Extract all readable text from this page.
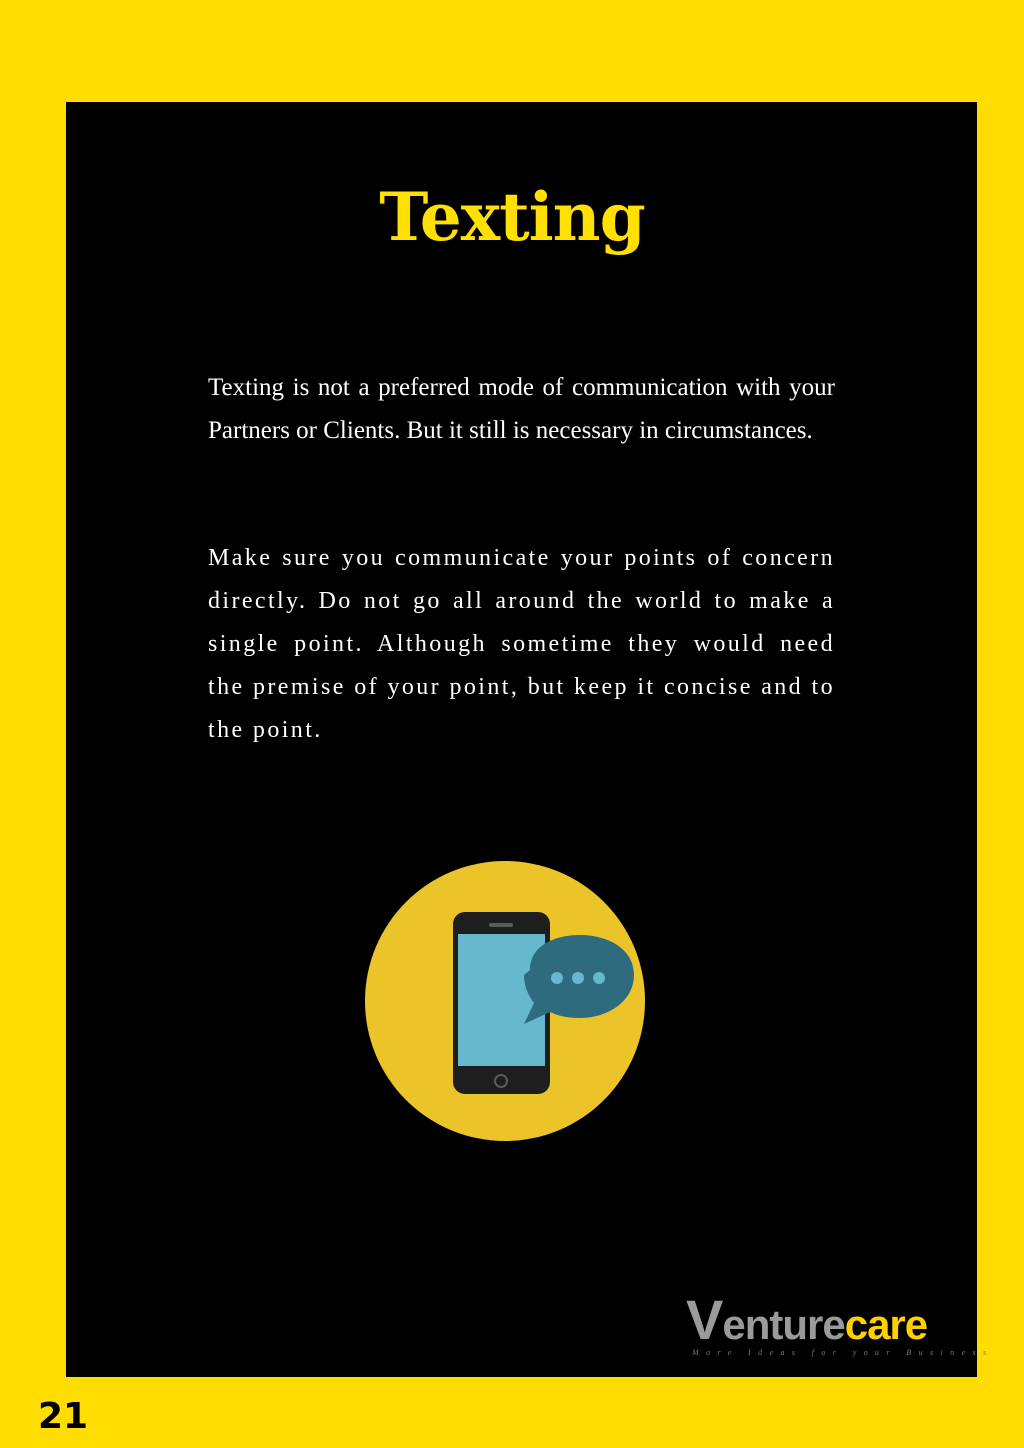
Texting

Texting is not a preferred mode of communication with your Partners or Clients. But it still is necessary in circumstances.

Make sure you communicate your points of concern directly. Do not go all around the world to make a single point. Although sometime they would need the premise of your point, but keep it concise and to the point.

Venturecare
More Ideas for your Business
21
